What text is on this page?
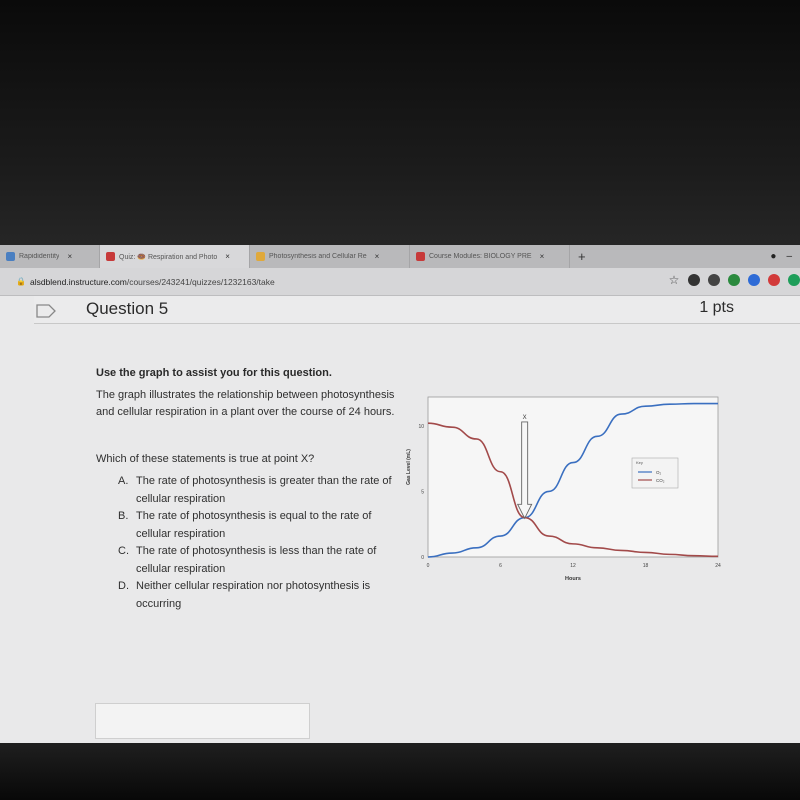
Rapididentity ×	Quiz: 🍩 Respiration and Photo ×	Photosynthesis and Cellular Re ×	Course Modules: BIOLOGY PRE ×	+	● –
🔒 alsdblend.instructure.com/courses/243241/quizzes/1232163/take	☆
Question 5	1 pts
Use the graph to assist you for this question.
The graph illustrates the relationship between photosynthesis and cellular respiration in a plant over the course of 24 hours.
Which of these statements is true at point X?
A. The rate of photosynthesis is greater than the rate of cellular respiration
B. The rate of photosynthesis is equal to the rate of cellular respiration
C. The rate of photosynthesis is less than the rate of cellular respiration
D. Neither cellular respiration nor photosynthesis is occurring
0	6	12	18	24
0
5
10
Hours
Gas Level (mL)
X
Key
O₂
CO₂
